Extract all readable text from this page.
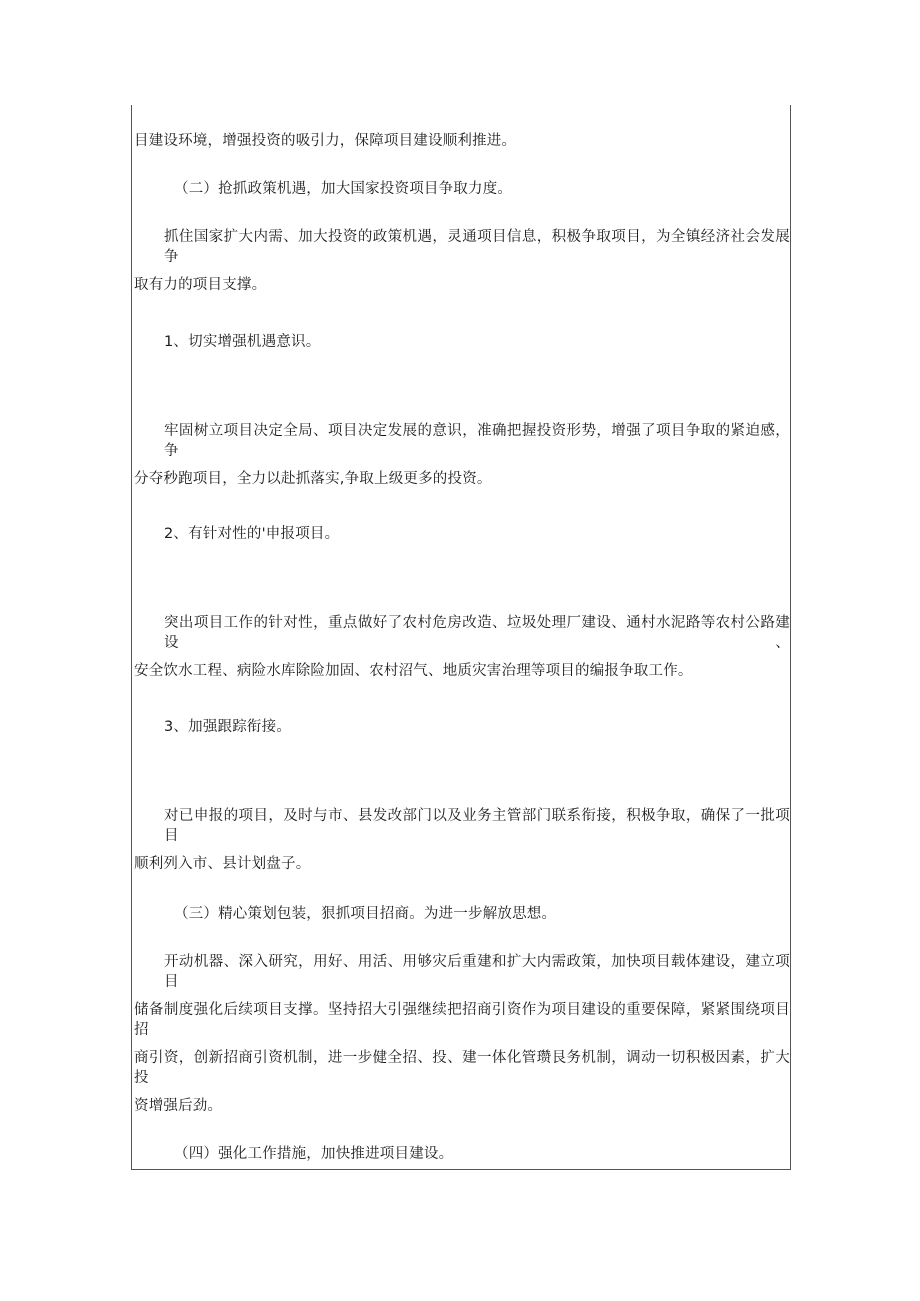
目建设环境，增强投资的吸引力，保障项目建设顺利推进。
（二）抢抓政策机遇，加大国家投资项目争取力度。
抓住国家扩大内需、加大投资的政策机遇，灵通项目信息，积极争取项目，为全镇经济社会发展争
取有力的项目支撑。
1、切实增强机遇意识。
牢固树立项目决定全局、项目决定发展的意识，准确把握投资形势，增强了项目争取的紧迫感，争
分夺秒跑项目，全力以赴抓落实,争取上级更多的投资。
2、有针对性的'申报项目。
突出项目工作的针对性，重点做好了农村危房改造、垃圾处理厂建设、通村水泥路等农村公路建设、
安全饮水工程、病险水库除险加固、农村沼气、地质灾害治理等项目的编报争取工作。
3、加强跟踪衔接。
对已申报的项目，及时与市、县发改部门以及业务主管部门联系衔接，积极争取，确保了一批项目
顺利列入市、县计划盘子。
（三）精心策划包装，狠抓项目招商。为进一步解放思想。
开动机器、深入研究，用好、用活、用够灾后重建和扩大内需政策，加快项目载体建设，建立项目
储备制度强化后续项目支撑。坚持招大引强继续把招商引资作为项目建设的重要保障，紧紧围绕项目招
商引资，创新招商引资机制，进一步健全招、投、建一体化管瓒艮务机制，调动一切积极因素，扩大投
资增强后劲。
（四）强化工作措施，加快推进项目建设。
